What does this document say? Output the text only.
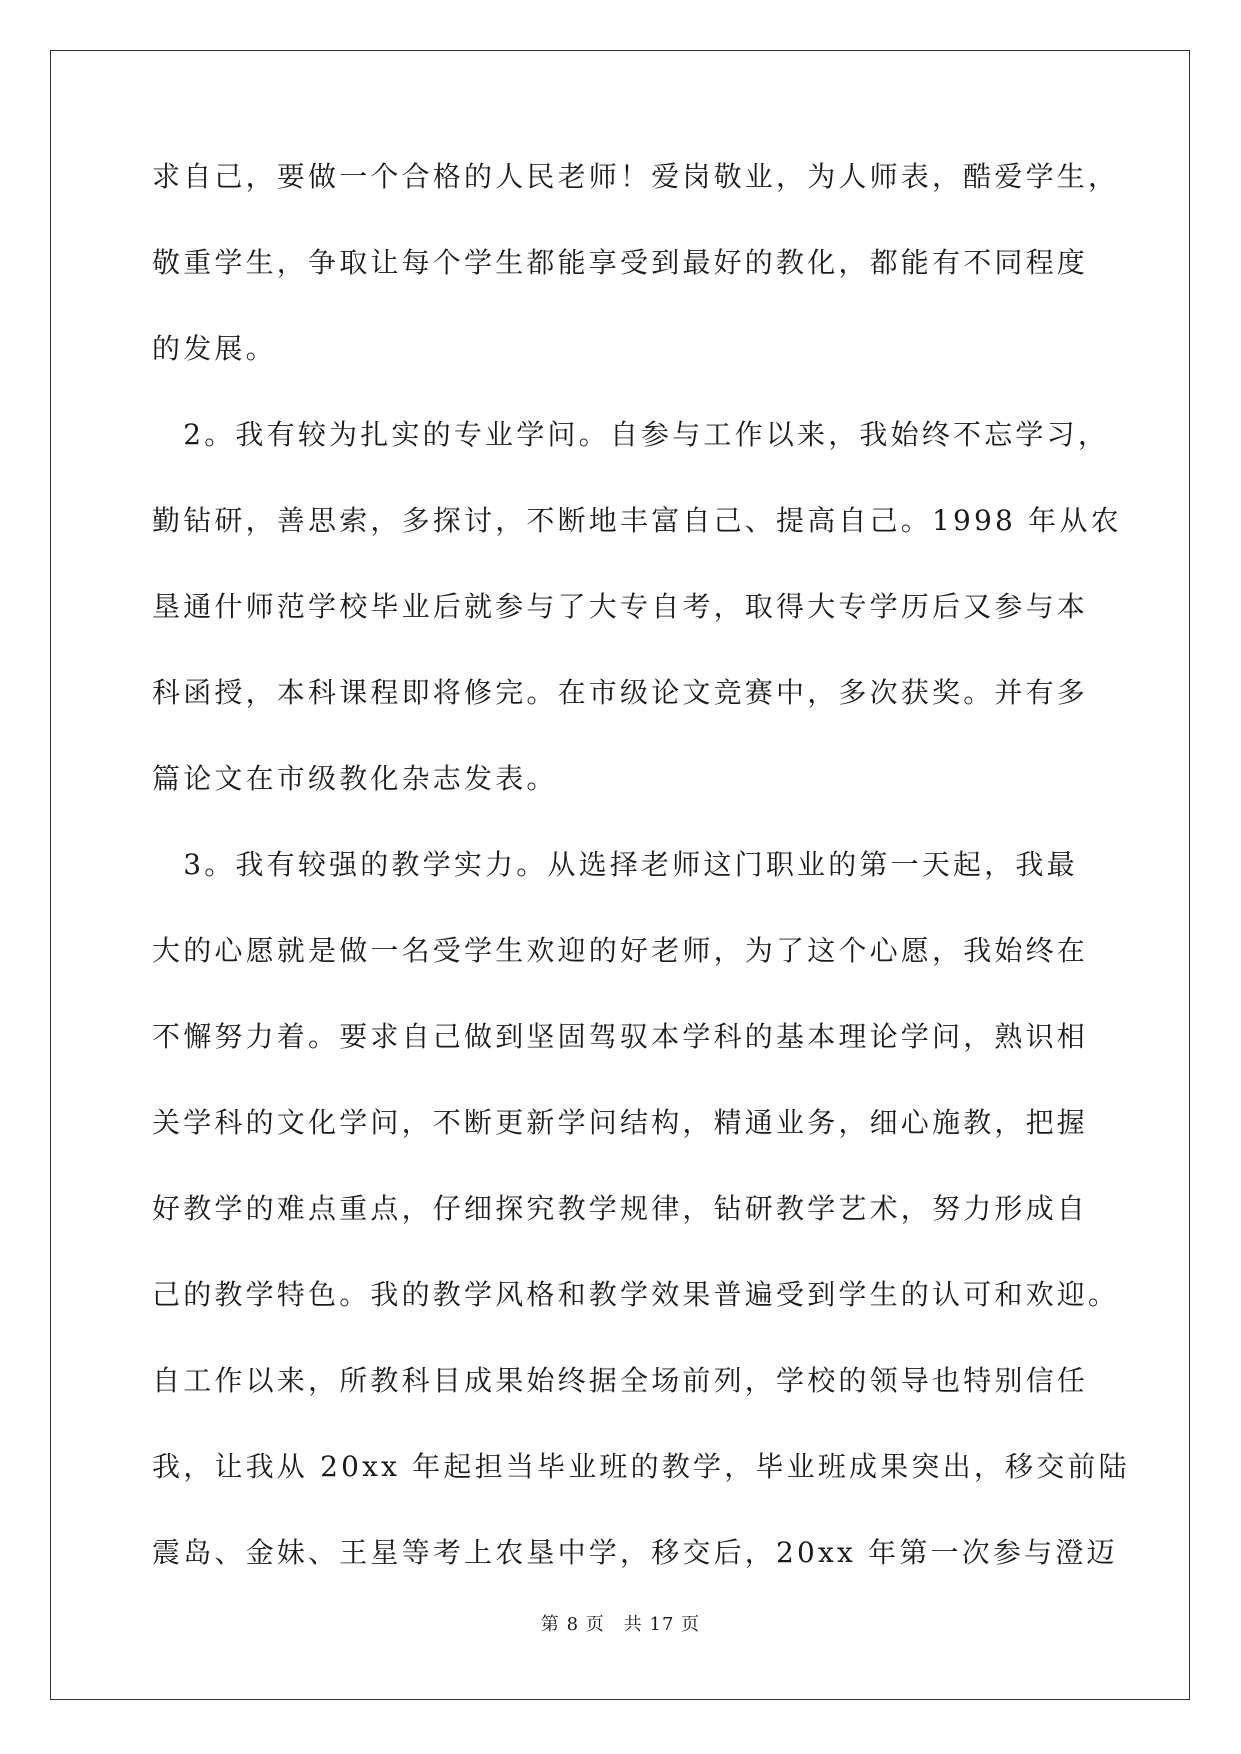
求自己，要做一个合格的人民老师！爱岗敬业，为人师表，酷爱学生，
敬重学生，争取让每个学生都能享受到最好的教化，都能有不同程度
的发展。
　2。我有较为扎实的专业学问。自参与工作以来，我始终不忘学习，
勤钻研，善思索，多探讨，不断地丰富自己、提高自己。1998 年从农
垦通什师范学校毕业后就参与了大专自考，取得大专学历后又参与本
科函授，本科课程即将修完。在市级论文竞赛中，多次获奖。并有多
篇论文在市级教化杂志发表。
　3。我有较强的教学实力。从选择老师这门职业的第一天起，我最
大的心愿就是做一名受学生欢迎的好老师，为了这个心愿，我始终在
不懈努力着。要求自己做到坚固驾驭本学科的基本理论学问，熟识相
关学科的文化学问，不断更新学问结构，精通业务，细心施教，把握
好教学的难点重点，仔细探究教学规律，钻研教学艺术，努力形成自
己的教学特色。我的教学风格和教学效果普遍受到学生的认可和欢迎。
自工作以来，所教科目成果始终据全场前列，学校的领导也特别信任
我，让我从 20xx 年起担当毕业班的教学，毕业班成果突出，移交前陆
震岛、金妹、王星等考上农垦中学，移交后，20xx 年第一次参与澄迈
第 8 页　共 17 页
